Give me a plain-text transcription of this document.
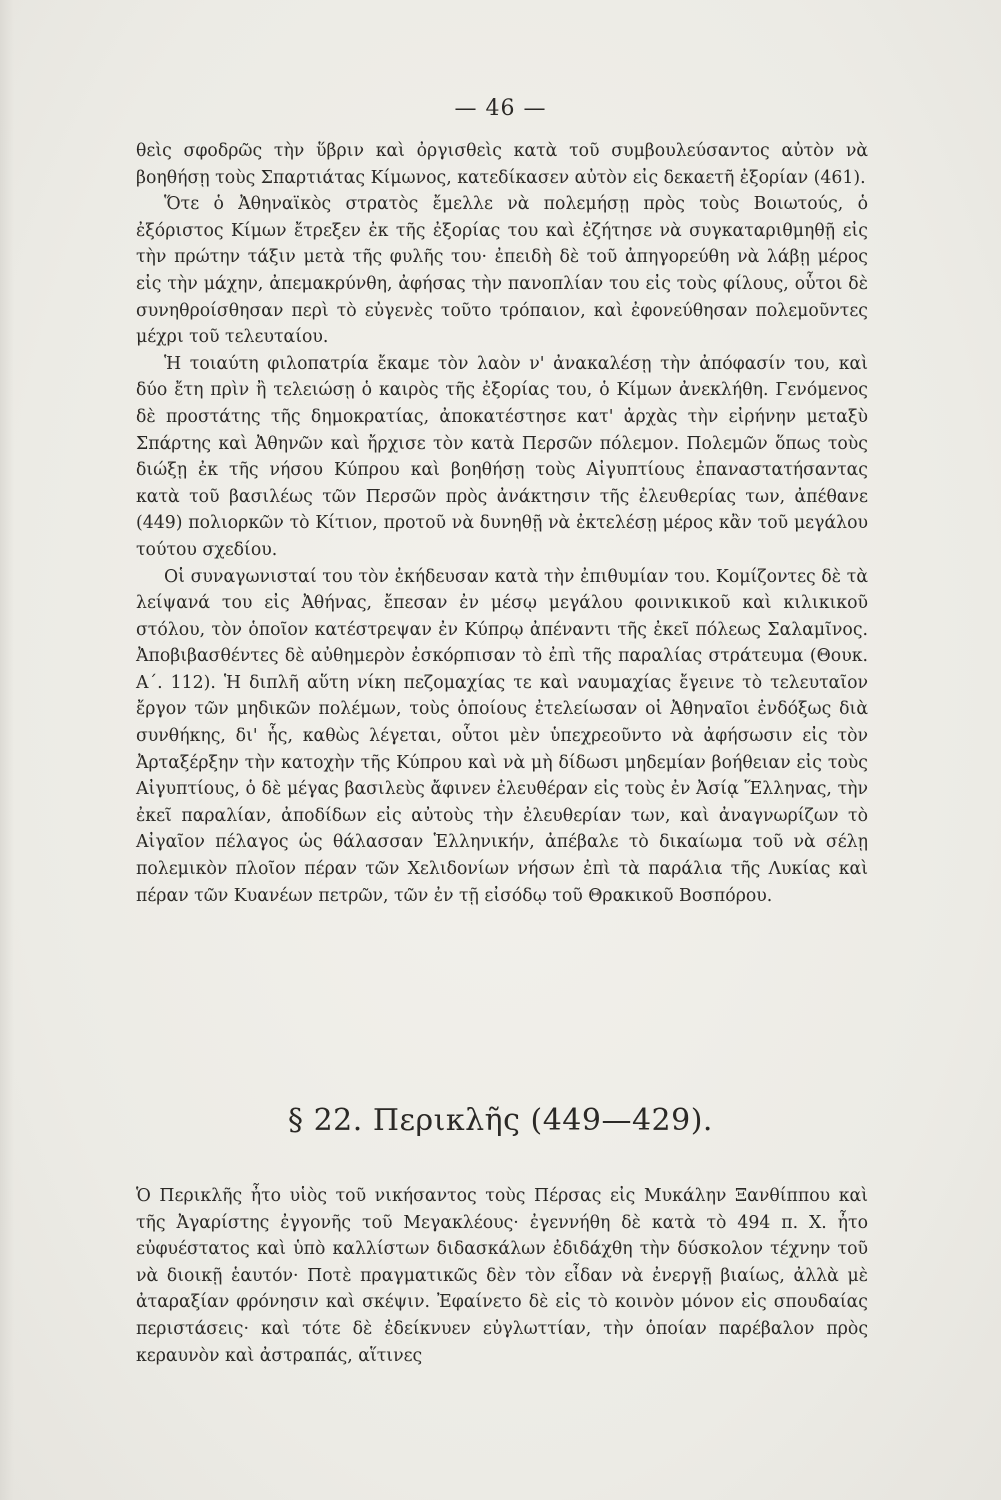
— 46 —

θεὶς σφοδρῶς τὴν ὕβριν καὶ ὀργισθεὶς κατὰ τοῦ συμβουλεύσαντος αὐτὸν νὰ βοηθήσῃ τοὺς Σπαρτιάτας Κίμωνος, κατεδίκασεν αὐτὸν εἰς δεκαετῆ ἐξορίαν (461).

Ὅτε ὁ Ἀθηναϊκὸς στρατὸς ἔμελλε νὰ πολεμήσῃ πρὸς τοὺς Βοιωτούς, ὁ ἐξόριστος Κίμων ἔτρεξεν ἐκ τῆς ἐξορίας του καὶ ἐζήτησε νὰ συγκαταριθμηθῇ εἰς τὴν πρώτην τάξιν μετὰ τῆς φυλῆς του· ἐπειδὴ δὲ τοῦ ἀπηγορεύθη νὰ λάβῃ μέρος εἰς τὴν μάχην, ἀπεμακρύνθη, ἀφήσας τὴν πανοπλίαν του εἰς τοὺς φίλους, οὗτοι δὲ συνηθροίσθησαν περὶ τὸ εὐγενὲς τοῦτο τρόπαιον, καὶ ἐφονεύθησαν πολεμοῦντες μέχρι τοῦ τελευταίου.

Ἡ τοιαύτη φιλοπατρία ἔκαμε τὸν λαὸν ν' ἀνακαλέσῃ τὴν ἀπόφασίν του, καὶ δύο ἔτη πρὶν ἢ τελειώσῃ ὁ καιρὸς τῆς ἐξορίας του, ὁ Κίμων ἀνεκλήθη. Γενόμενος δὲ προστάτης τῆς δημοκρατίας, ἀποκατέστησε κατ' ἀρχὰς τὴν εἰρήνην μεταξὺ Σπάρτης καὶ Ἀθηνῶν καὶ ἤρχισε τὸν κατὰ Περσῶν πόλεμον. Πολεμῶν ὅπως τοὺς διώξῃ ἐκ τῆς νήσου Κύπρου καὶ βοηθήσῃ τοὺς Αἰγυπτίους ἐπαναστατήσαντας κατὰ τοῦ βασιλέως τῶν Περσῶν πρὸς ἀνάκτησιν τῆς ἐλευθερίας των, ἀπέθανε (449) πολιορκῶν τὸ Κίτιον, προτοῦ νὰ δυνηθῇ νὰ ἐκτελέσῃ μέρος κἂν τοῦ μεγάλου τούτου σχεδίου.

Οἱ συναγωνισταί του τὸν ἐκήδευσαν κατὰ τὴν ἐπιθυμίαν του. Κομίζοντες δὲ τὰ λείψανά του εἰς Ἀθήνας, ἔπεσαν ἐν μέσῳ μεγάλου φοινικικοῦ καὶ κιλικικοῦ στόλου, τὸν ὁποῖον κατέστρεψαν ἐν Κύπρῳ ἀπέναντι τῆς ἐκεῖ πόλεως Σαλαμῖνος. Ἀποβιβασθέντες δὲ αὐθημερὸν ἐσκόρπισαν τὸ ἐπὶ τῆς παραλίας στράτευμα (Θουκ. Α΄. 112). Ἡ διπλῆ αὕτη νίκη πεζομαχίας τε καὶ ναυμαχίας ἔγεινε τὸ τελευταῖον ἔργον τῶν μηδικῶν πολέμων, τοὺς ὁποίους ἐτελείωσαν οἱ Ἀθηναῖοι ἐνδόξως διὰ συνθήκης, δι' ἧς, καθὼς λέγεται, οὗτοι μὲν ὑπεχρεοῦντο νὰ ἀφήσωσιν εἰς τὸν Ἀρταξέρξην τὴν κατοχὴν τῆς Κύπρου καὶ νὰ μὴ δίδωσι μηδεμίαν βοήθειαν εἰς τοὺς Αἰγυπτίους, ὁ δὲ μέγας βασιλεὺς ἄφινεν ἐλευθέραν εἰς τοὺς ἐν Ἀσίᾳ Ἕλληνας, τὴν ἐκεῖ παραλίαν, ἀποδίδων εἰς αὐτοὺς τὴν ἐλευθερίαν των, καὶ ἀναγνωρίζων τὸ Αἰγαῖον πέλαγος ὡς θάλασσαν Ἑλληνικήν, ἀπέβαλε τὸ δικαίωμα τοῦ νὰ σέλῃ πολεμικὸν πλοῖον πέραν τῶν Χελιδονίων νήσων ἐπὶ τὰ παράλια τῆς Λυκίας καὶ πέραν τῶν Κυανέων πετρῶν, τῶν ἐν τῇ εἰσόδῳ τοῦ Θρακικοῦ Βοσπόρου.

§ 22. Περικλῆς (449—429).

Ὁ Περικλῆς ἦτο υἱὸς τοῦ νικήσαντος τοὺς Πέρσας εἰς Μυκάλην Ξανθίππου καὶ τῆς Ἀγαρίστης ἐγγονῆς τοῦ Μεγακλέους· ἐγεννήθη δὲ κατὰ τὸ 494 π. Χ. ἦτο εὐφυέστατος καὶ ὑπὸ καλλίστων διδασκάλων ἐδιδάχθη τὴν δύσκολον τέχνην τοῦ νὰ διοικῇ ἑαυτόν· Ποτὲ πραγματικῶς δὲν τὸν εἶδαν νὰ ἐνεργῇ βιαίως, ἀλλὰ μὲ ἀταραξίαν φρόνησιν καὶ σκέψιν. Ἐφαίνετο δὲ εἰς τὸ κοινὸν μόνον εἰς σπουδαίας περιστάσεις· καὶ τότε δὲ ἐδείκνυεν εὐγλωττίαν, τὴν ὁποίαν παρέβαλον πρὸς κεραυνὸν καὶ ἀστραπάς, αἵτινες
